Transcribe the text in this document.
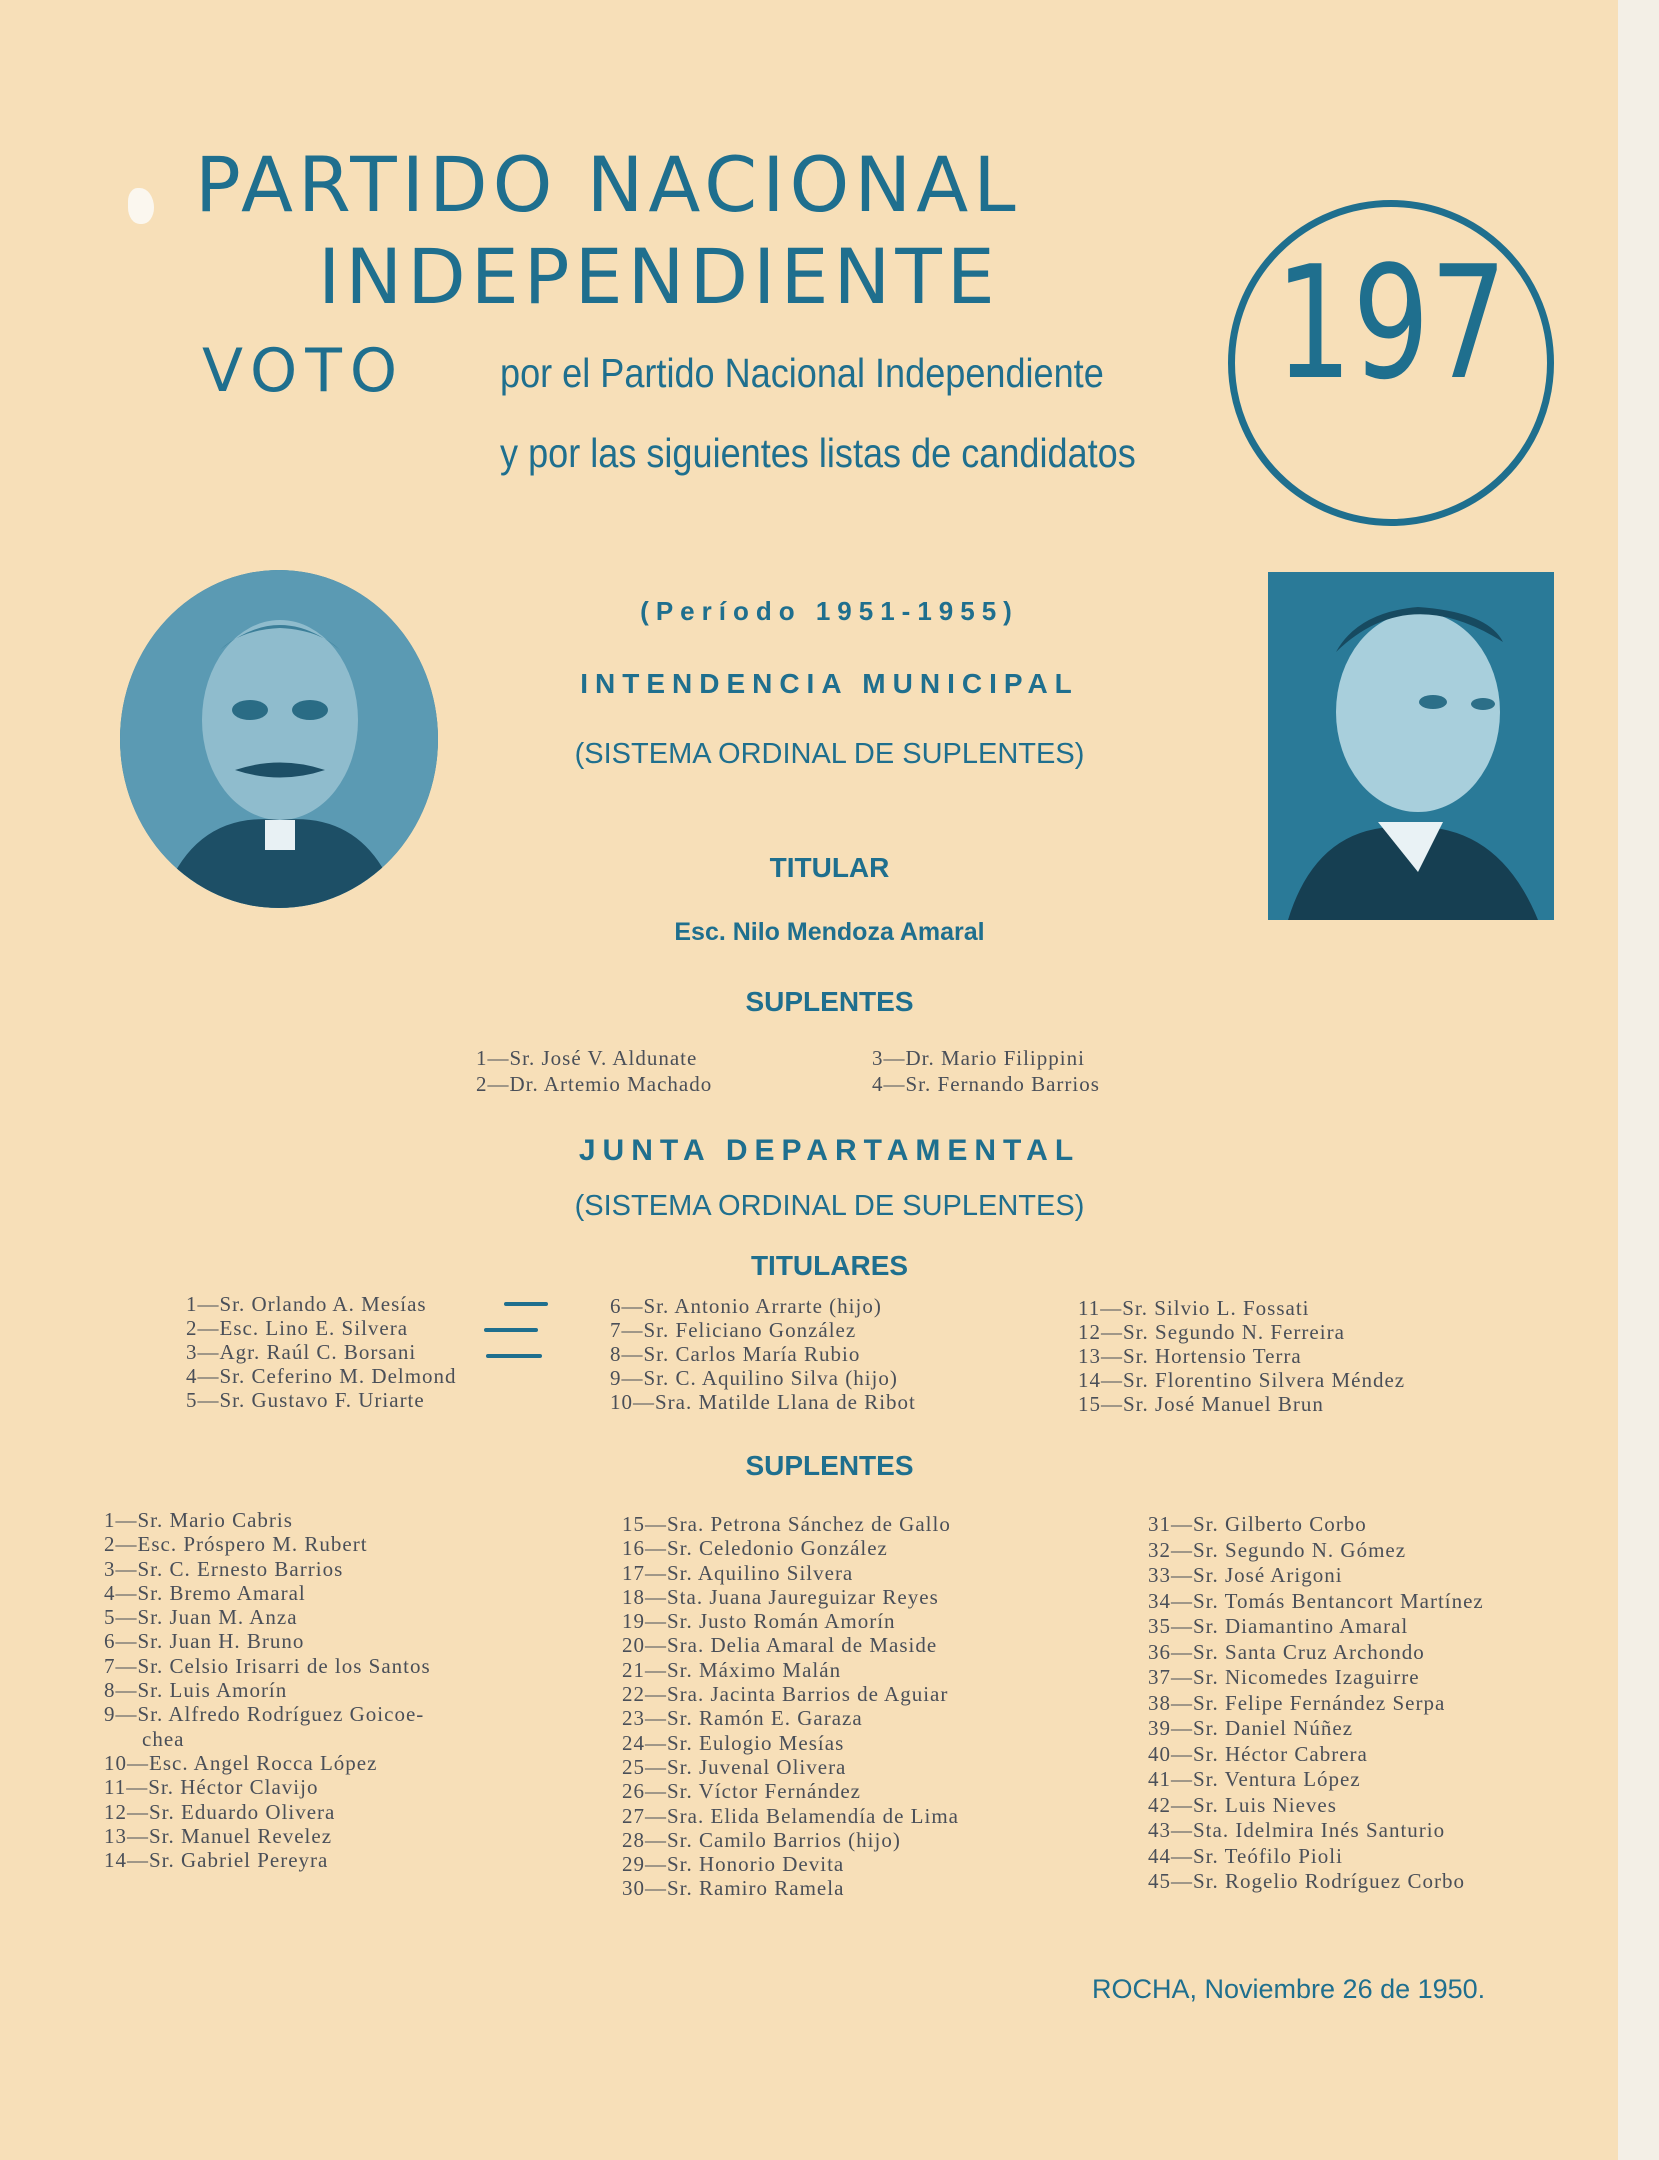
PARTIDO NACIONAL
INDEPENDIENTE
VOTO por el Partido Nacional Independiente
y por las siguientes listas de candidatos
197
(Período 1951-1955)
INTENDENCIA MUNICIPAL
(SISTEMA ORDINAL DE SUPLENTES)
TITULAR
Esc. Nilo Mendoza Amaral
SUPLENTES
1—Sr. José V. Aldunate
2—Dr. Artemio Machado
3—Dr. Mario Filippini
4—Sr. Fernando Barrios
JUNTA DEPARTAMENTAL
(SISTEMA ORDINAL DE SUPLENTES)
TITULARES
1—Sr. Orlando A. Mesías
2—Esc. Lino E. Silvera
3—Agr. Raúl C. Borsani
4—Sr. Ceferino M. Delmond
5—Sr. Gustavo F. Uriarte
6—Sr. Antonio Arrarte (hijo)
7—Sr. Feliciano González
8—Sr. Carlos María Rubio
9—Sr. C. Aquilino Silva (hijo)
10—Sra. Matilde Llana de Ribot
11—Sr. Silvio L. Fossati
12—Sr. Segundo N. Ferreira
13—Sr. Hortensio Terra
14—Sr. Florentino Silvera Méndez
15—Sr. José Manuel Brun
SUPLENTES
1—Sr. Mario Cabris
2—Esc. Próspero M. Rubert
3—Sr. C. Ernesto Barrios
4—Sr. Bremo Amaral
5—Sr. Juan M. Anza
6—Sr. Juan H. Bruno
7—Sr. Celsio Irisarri de los Santos
8—Sr. Luis Amorín
9—Sr. Alfredo Rodríguez Goicoe-
chea
10—Esc. Angel Rocca López
11—Sr. Héctor Clavijo
12—Sr. Eduardo Olivera
13—Sr. Manuel Revelez
14—Sr. Gabriel Pereyra
15—Sra. Petrona Sánchez de Gallo
16—Sr. Celedonio González
17—Sr. Aquilino Silvera
18—Sta. Juana Jaureguizar Reyes
19—Sr. Justo Román Amorín
20—Sra. Delia Amaral de Maside
21—Sr. Máximo Malán
22—Sra. Jacinta Barrios de Aguiar
23—Sr. Ramón E. Garaza
24—Sr. Eulogio Mesías
25—Sr. Juvenal Olivera
26—Sr. Víctor Fernández
27—Sra. Elida Belamendía de Lima
28—Sr. Camilo Barrios (hijo)
29—Sr. Honorio Devita
30—Sr. Ramiro Ramela
31—Sr. Gilberto Corbo
32—Sr. Segundo N. Gómez
33—Sr. José Arigoni
34—Sr. Tomás Bentancort Martínez
35—Sr. Diamantino Amaral
36—Sr. Santa Cruz Archondo
37—Sr. Nicomedes Izaguirre
38—Sr. Felipe Fernández Serpa
39—Sr. Daniel Núñez
40—Sr. Héctor Cabrera
41—Sr. Ventura López
42—Sr. Luis Nieves
43—Sta. Idelmira Inés Santurio
44—Sr. Teófilo Pioli
45—Sr. Rogelio Rodríguez Corbo
ROCHA, Noviembre 26 de 1950.
